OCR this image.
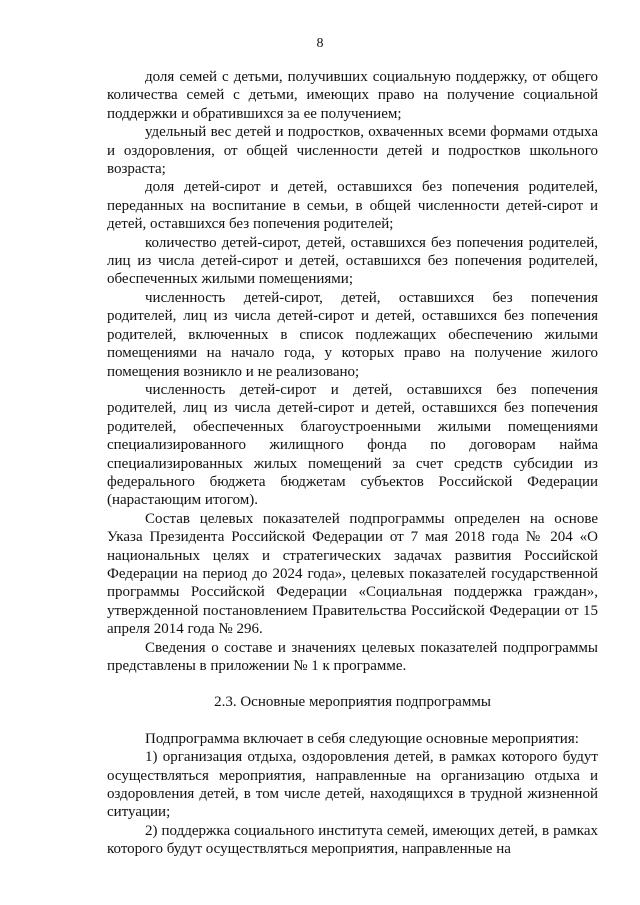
8

доля семей с детьми, получивших социальную поддержку, от общего количества семей с детьми, имеющих право на получение социальной поддержки и обратившихся за ее получением;

удельный вес детей и подростков, охваченных всеми формами отдыха и оздоровления, от общей численности детей и подростков школьного возраста;

доля детей-сирот и детей, оставшихся без попечения родителей, переданных на воспитание в семьи, в общей численности детей-сирот и детей, оставшихся без попечения родителей;

количество детей-сирот, детей, оставшихся без попечения родителей, лиц из числа детей-сирот и детей, оставшихся без попечения родителей, обеспеченных жилыми помещениями;

численность детей-сирот, детей, оставшихся без попечения родителей, лиц из числа детей-сирот и детей, оставшихся без попечения родителей, включенных в список подлежащих обеспечению жилыми помещениями на начало года, у которых право на получение жилого помещения возникло и не реализовано;

численность детей-сирот и детей, оставшихся без попечения родителей, лиц из числа детей-сирот и детей, оставшихся без попечения родителей, обеспеченных благоустроенными жилыми помещениями специализированного жилищного фонда по договорам найма специализированных жилых помещений за счет средств субсидии из федерального бюджета бюджетам субъектов Российской Федерации (нарастающим итогом).

Состав целевых показателей подпрограммы определен на основе Указа Президента Российской Федерации от 7 мая 2018 года № 204 «О национальных целях и стратегических задачах развития Российской Федерации на период до 2024 года», целевых показателей государственной программы Российской Федерации «Социальная поддержка граждан», утвержденной постановлением Правительства Российской Федерации от 15 апреля 2014 года № 296.

Сведения о составе и значениях целевых показателей подпрограммы представлены в приложении № 1 к программе.

2.3. Основные мероприятия подпрограммы

Подпрограмма включает в себя следующие основные мероприятия:

1) организация отдыха, оздоровления детей, в рамках которого будут осуществляться мероприятия, направленные на организацию отдыха и оздоровления детей, в том числе детей, находящихся в трудной жизненной ситуации;

2) поддержка социального института семей, имеющих детей, в рамках которого будут осуществляться мероприятия, направленные на
